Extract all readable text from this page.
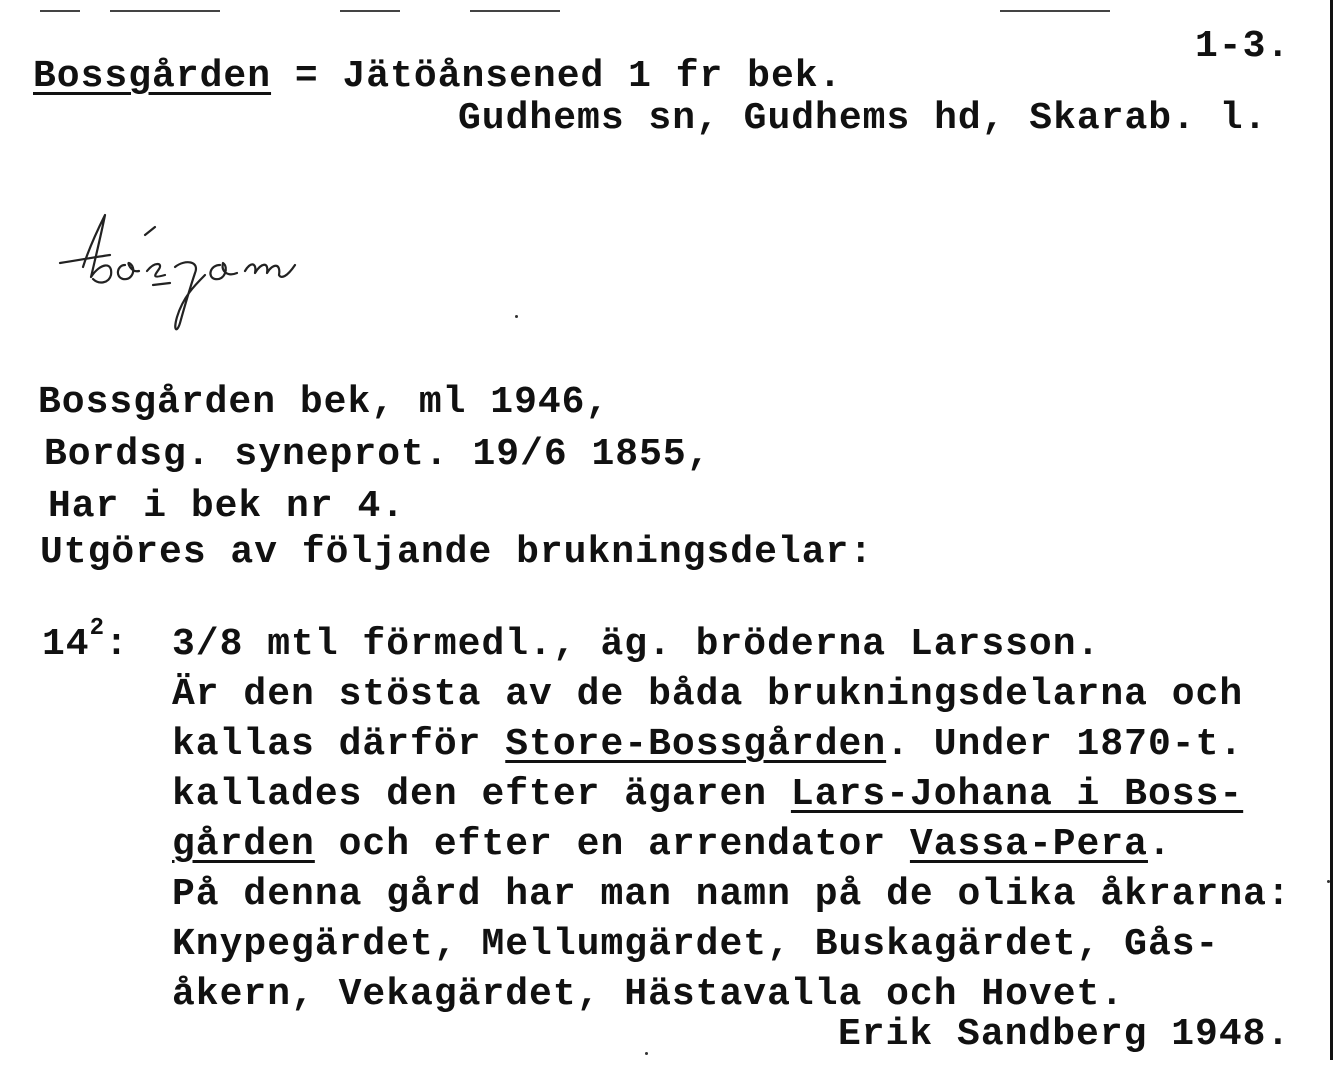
Bossgården = Jätöånsened 1 fr bek.
1-3.
Gudhems sn, Gudhems hd, Skarab. l.
Bossgården bek, ml 1946,
Bordsg. syneprot. 19/6 1855,
Har i bek nr 4.
Utgöres av följande brukningsdelar:
$14^2$: 3/8 mtl förmedl., äg. bröderna Larsson.
Är den stösta av de båda brukningsdelarna och
kallas därför Store-Bossgården. Under 1870-t.
kallades den efter ägaren Lars-Johana i Boss-
gården och efter en arrendator Vassa-Pera.
På denna gård har man namn på de olika åkrarna:
Knypegärdet, Mellumgärdet, Buskagärdet, Gås-
åkern, Vekagärdet, Hästavalla och Hovet.
Erik Sandberg 1948.
